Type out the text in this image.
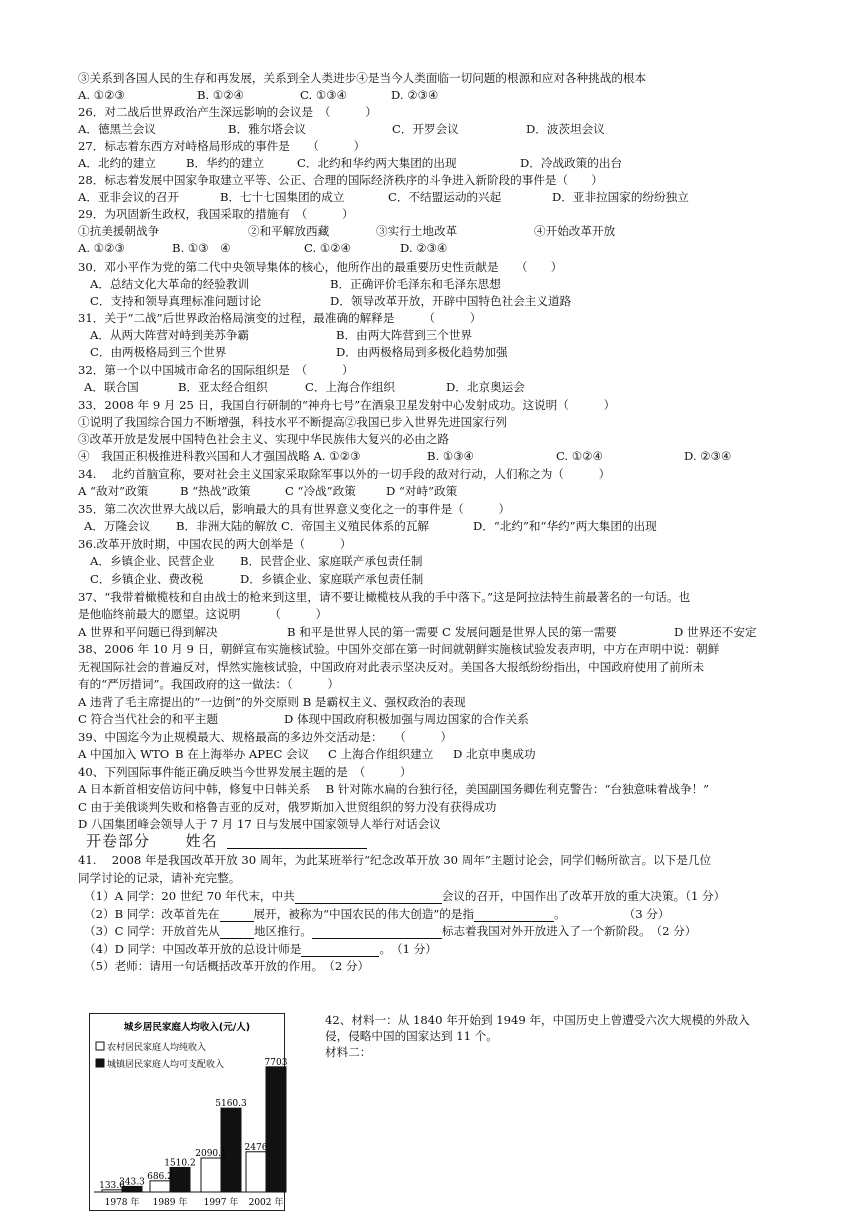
③关系到各国人民的生存和再发展，关系到全人类进步④是当今人类面临一切问题的根源和应对各种挑战的根本
A. ①②③	B. ①②④	C. ①③④	D. ②③④
26．对二战后世界政治产生深远影响的会议是　（　　　）
A．德黑兰会议	B．雅尔塔会议	C．开罗会议	D．波茨坦会议
27．标志着东西方对峙格局形成的事件是　　（　　　）
A．北约的建立	B．华约的建立	C．北约和华约两大集团的出现	D．冷战政策的出台
28．标志着发展中国家争取建立平等、公正、合理的国际经济秩序的斗争进入新阶段的事件是（　　）
A．亚非会议的召开	B．七十七国集团的成立	C．不结盟运动的兴起	D．亚非拉国家的纷纷独立
29．为巩固新生政权，我国采取的措施有　（　　　）
①抗美援朝战争	②和平解放西藏	③实行土地改革	④开始改革开放
A. ①②③	B. ①③　④	C. ①②④	D. ②③④
30．邓小平作为党的第二代中央领导集体的核心，他所作出的最重要历史性贡献是　　（　　）
A．总结文化大革命的经验教训	B．正确评价毛泽东和毛泽东思想
C．支持和领导真理标准问题讨论	D．领导改革开放，开辟中国特色社会主义道路
31．关于“二战”后世界政治格局演变的过程，最准确的解释是　　　（　　　）
A．从两大阵营对峙到美苏争霸	B．由两大阵营到三个世界
C．由两极格局到三个世界	D．由两极格局到多极化趋势加强
32．第一个以中国城市命名的国际组织是　（　　　）
A．联合国	B．亚太经合组织	C．上海合作组织	D．北京奥运会
33．2008 年 9 月 25 日，我国自行研制的“神舟七号”在酒泉卫星发射中心发射成功。这说明（　　　）
①说明了我国综合国力不断增强，科技水平不断提高②我国已步入世界先进国家行列
③改革开放是发展中国特色社会主义、实现中华民族伟大复兴的必由之路
④　我国正积极推进科教兴国和人才强国战略 A. ①②③	B. ①③④	C. ①②④	D. ②③④
34.　 北约首脑宣称，要对社会主义国家采取除军事以外的一切手段的敌对行动，人们称之为（　　　）
A “敌对”政策	B “热战”政策	C “冷战”政策	D “对峙”政策
35．第二次次世界大战以后，影响最大的具有世界意义变化之一的事件是（　　　）
A．万隆会议 B．非洲大陆的解放 C．帝国主义殖民体系的瓦解	D．“北约”和“华约”两大集团的出现
36.改革开放时期，中国农民的两大创举是（　　　）
A．乡镇企业、民营企业 B．民营企业、家庭联产承包责任制
C．乡镇企业、费改税	D．乡镇企业、家庭联产承包责任制
37、“我带着橄榄枝和自由战士的枪来到这里，请不要让橄榄枝从我的手中落下。”这是阿拉法特生前最著名的一句话。也
是他临终前最大的愿望。这说明　　　（　　　）
A 世界和平问题已得到解决	B 和平是世界人民的第一需要 C 发展问题是世界人民的第一需要	D 世界还不安定
38、2006 年 10 月 9 日，朝鲜宣布实施核试验。中国外交部在第一时间就朝鲜实施核试验发表声明，中方在声明中说：朝鲜
无视国际社会的普遍反对，悍然实施核试验，中国政府对此表示坚决反对。美国各大报纸纷纷指出，中国政府使用了前所未
有的“严厉措词”。我国政府的这一做法：（　　　）
A 违背了毛主席提出的“一边倒”的外交原则 B 是霸权主义、强权政治的表现
C 符合当代社会的和平主题	D 体现中国政府积极加强与周边国家的合作关系
39、中国迄今为止规模最大、规格最高的多边外交活动是：　　（　　　）
A 中国加入 WTO B 在上海举办 APEC 会议 C 上海合作组织建立 D 北京申奥成功
40、下列国际事件能正确反映当今世界发展主题的是　（　　　）
A 日本新首相安倍访问中韩，修复中日韩关系　 B 针对陈水扁的台独行径，美国副国务卿佐利克警告：“台独意味着战争！”
C 由于美俄谈判失败和格鲁吉亚的反对，俄罗斯加入世贸组织的努力没有获得成功
D 八国集团峰会领导人于 7 月 17 日与发展中国家领导人举行对话会议
41.　 2008 年是我国改革开放 30 周年，为此某班举行“纪念改革开放 30 周年”主题讨论会，同学们畅所欲言。以下是几位
同学讨论的记录，请补充完整。
开卷部分 姓名
（1）A 同学：20 世纪 70 年代末，中共	会议的召开，中国作出了改革开放的重大决策。（1 分）
（2）B 同学：改革首先在	展开，被称为“中国农民的伟大创造”的是指	。　　　　　　（3 分）
（3）C 同学：开放首先从	地区推行。	标志着我国对外开放进入了一个新阶段。　（2 分）
（4）D 同学：中国改革开放的总设计师是	。　（1 分）
（5）老师：请用一句话概括改革开放的作用。　（2 分）
42、材料一：从 1840 年开始到 1949 年，中国历史上曾遭受六次大规模的外敌入
侵，侵略中国的国家达到 11 个。
材料二：
城乡居民家庭人均收入(元/人)
农村居民家庭人均纯收入
城镇居民家庭人均可支配收入
133.6
343.3
686.2
1510.2
2090.1
5160.3
2476
7703
1978 年 1989 年 1997 年 2002 年
